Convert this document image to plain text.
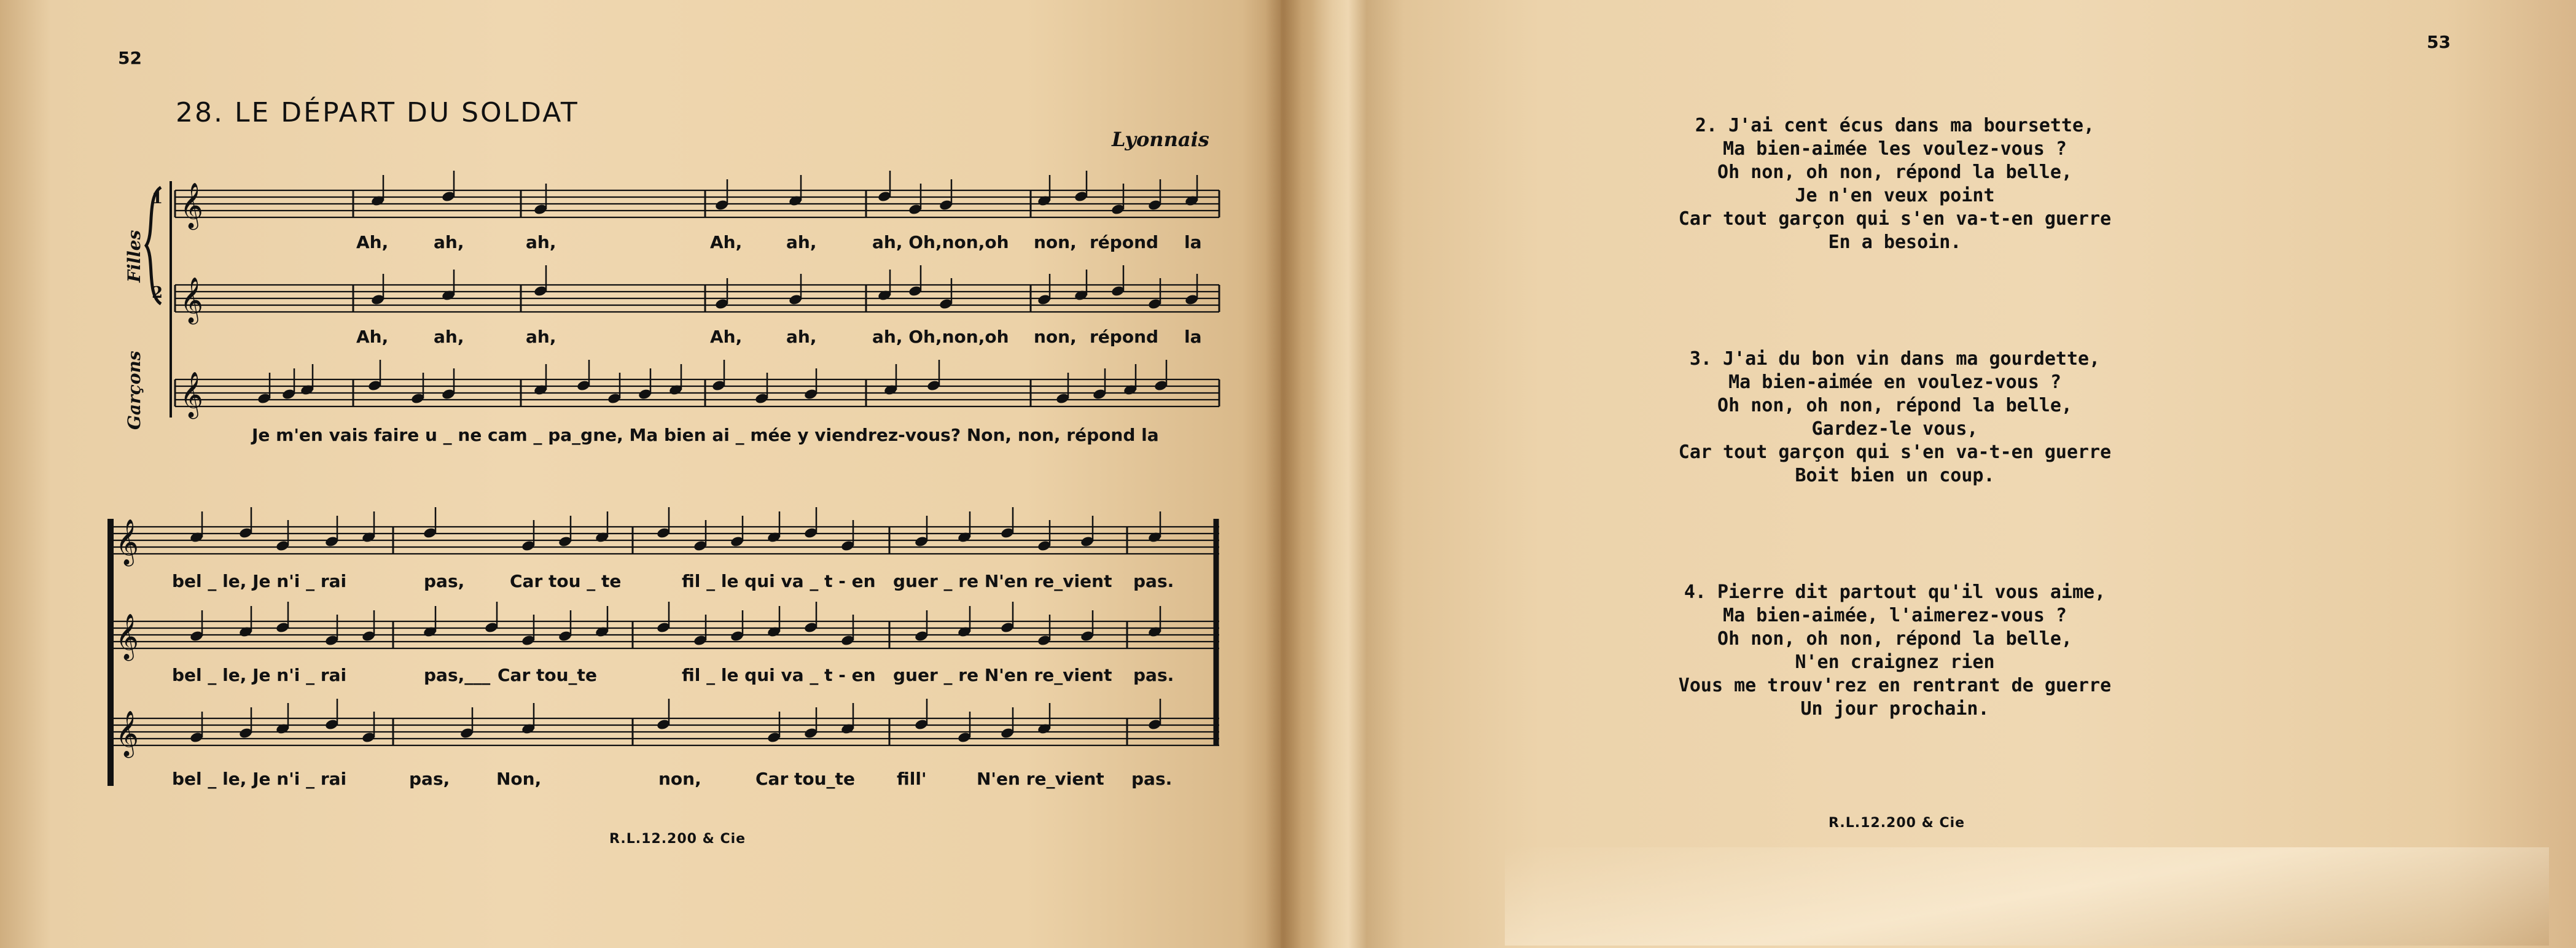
52
28. LE DÉPART DU SOLDAT
Lyonnais
Filles
Garçons
1
2
𝄞
𝄞
𝄞
𝄞
𝄞
𝄞
Ah,	ah,	ah,	Ah,	ah,	ah, Oh,non,oh non, répond la
Ah,	ah,	ah,	Ah,	ah,	ah, Oh,non,oh non, répond la
Je m'en vais faire u _ ne cam _ pa_gne, Ma bien ai _ mée y viendrez-vous? Non, non, répond la
bel _ le, Je n'i _ rai	pas,	Car tou _ te	fil _ le qui va _ t - en guer _ re N'en re_vient pas.
bel _ le, Je n'i _ rai	pas,___ Car tou_te	fil _ le qui va _ t - en guer _ re N'en re_vient pas.
bel _ le, Je n'i _ rai	pas,	Non,	non,	Car tou_te fill'	N'en re_vient pas.
R.L.12.200 & Cie
53
2. J'ai cent écus dans ma boursette,
Ma bien-aimée les voulez-vous ?
Oh non, oh non, répond la belle,
Je n'en veux point
Car tout garçon qui s'en va-t-en guerre
En a besoin.
3. J'ai du bon vin dans ma gourdette,
Ma bien-aimée en voulez-vous ?
Oh non, oh non, répond la belle,
Gardez-le vous,
Car tout garçon qui s'en va-t-en guerre
Boit bien un coup.
4. Pierre dit partout qu'il vous aime,
Ma bien-aimée, l'aimerez-vous ?
Oh non, oh non, répond la belle,
N'en craignez rien
Vous me trouv'rez en rentrant de guerre
Un jour prochain.
R.L.12.200 & Cie
